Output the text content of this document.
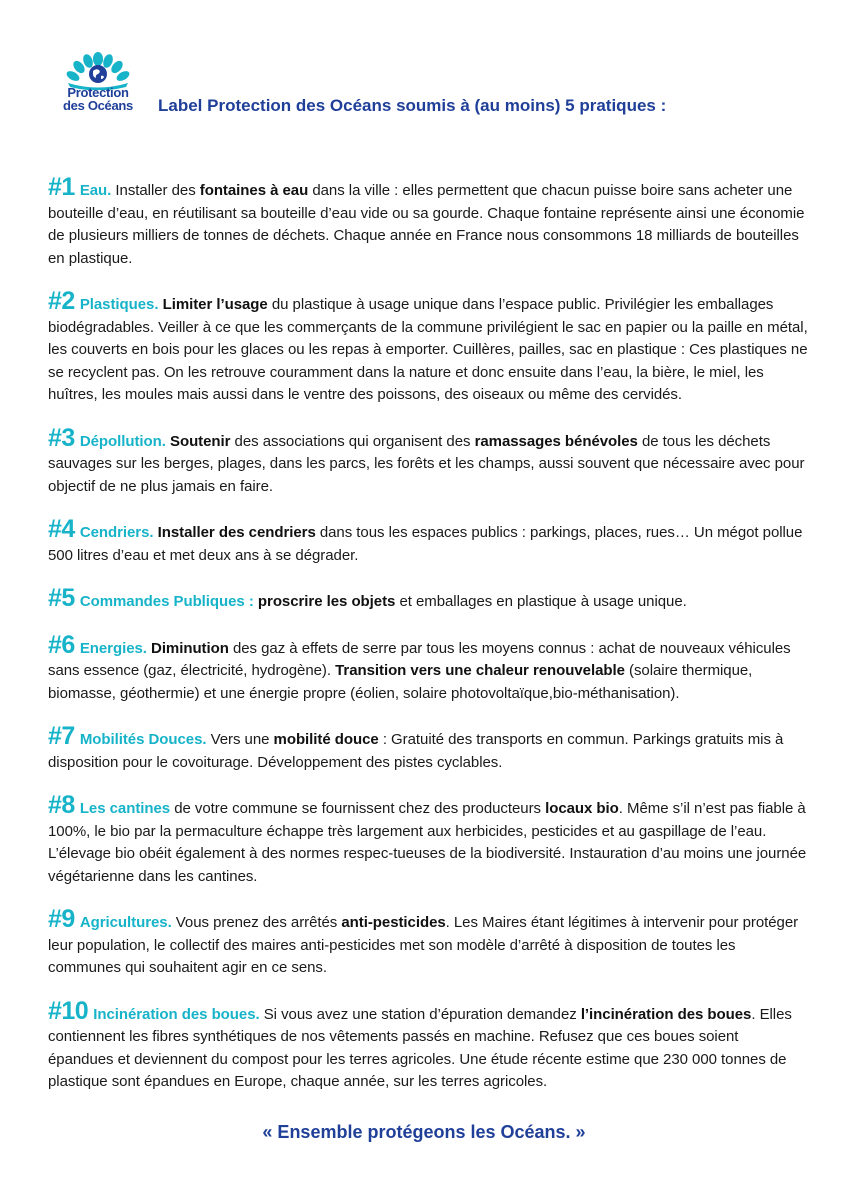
Protection
des Océans	Label Protection des Océans soumis à (au moins) 5 pratiques :
#1 Eau. Installer des fontaines à eau dans la ville : elles permettent que chacun puisse boire sans acheter une bouteille d’eau, en réutilisant sa bouteille d’eau vide ou sa gourde. Chaque fontaine représente ainsi une économie de plusieurs milliers de tonnes de déchets. Chaque année en France nous consommons 18 milliards de bouteilles en plastique.
#2 Plastiques. Limiter l’usage du plastique à usage unique dans l’espace public. Privilégier les emballages biodégradables. Veiller à ce que les commerçants de la commune privilégient le sac en papier ou la paille en métal, les couverts en bois pour les glaces ou les repas à emporter. Cuillères, pailles, sac en plastique : Ces plastiques ne se recyclent pas. On les retrouve couramment dans la nature et donc ensuite dans l’eau, la bière, le miel, les huîtres, les moules mais aussi dans le ventre des poissons, des oiseaux ou même des cervidés.
#3 Dépollution. Soutenir des associations qui organisent des ramassages bénévoles de tous les déchets sauvages sur les berges, plages, dans les parcs, les forêts et les champs, aussi souvent que nécessaire avec pour objectif de ne plus jamais en faire.
#4 Cendriers. Installer des cendriers dans tous les espaces publics : parkings, places, rues… Un mégot pollue 500 litres d’eau et met deux ans à se dégrader.
#5 Commandes Publiques : proscrire les objets et emballages en plastique à usage unique.
#6 Energies. Diminution des gaz à effets de serre par tous les moyens connus : achat de nouveaux véhicules sans essence (gaz, électricité, hydrogène). Transition vers une chaleur renouvelable (solaire thermique, biomasse, géothermie) et une énergie propre (éolien, solaire photovoltaïque,bio-méthanisation).
#7 Mobilités Douces. Vers une mobilité douce : Gratuité des transports en commun. Parkings gratuits mis à disposition pour le covoiturage. Développement des pistes cyclables.
#8 Les cantines de votre commune se fournissent chez des producteurs locaux bio. Même s’il n’est pas fiable à 100%, le bio par la permaculture échappe très largement aux herbicides, pesticides et au gaspillage de l’eau. L’élevage bio obéit également à des normes respec-tueuses de la biodiversité. Instauration d’au moins une journée végétarienne dans les cantines.
#9 Agricultures. Vous prenez des arrêtés anti-pesticides. Les Maires étant légitimes à intervenir pour protéger leur population, le collectif des maires anti-pesticides met son modèle d’arrêté à disposition de toutes les communes qui souhaitent agir en ce sens.
#10 Incinération des boues. Si vous avez une station d’épuration demandez l’incinération des boues. Elles contiennent les fibres synthétiques de nos vêtements passés en machine. Refusez que ces boues soient épandues et deviennent du compost pour les terres agricoles. Une étude récente estime que 230 000 tonnes de plastique sont épandues en Europe, chaque année, sur les terres agricoles.
« Ensemble protégeons les Océans. »
